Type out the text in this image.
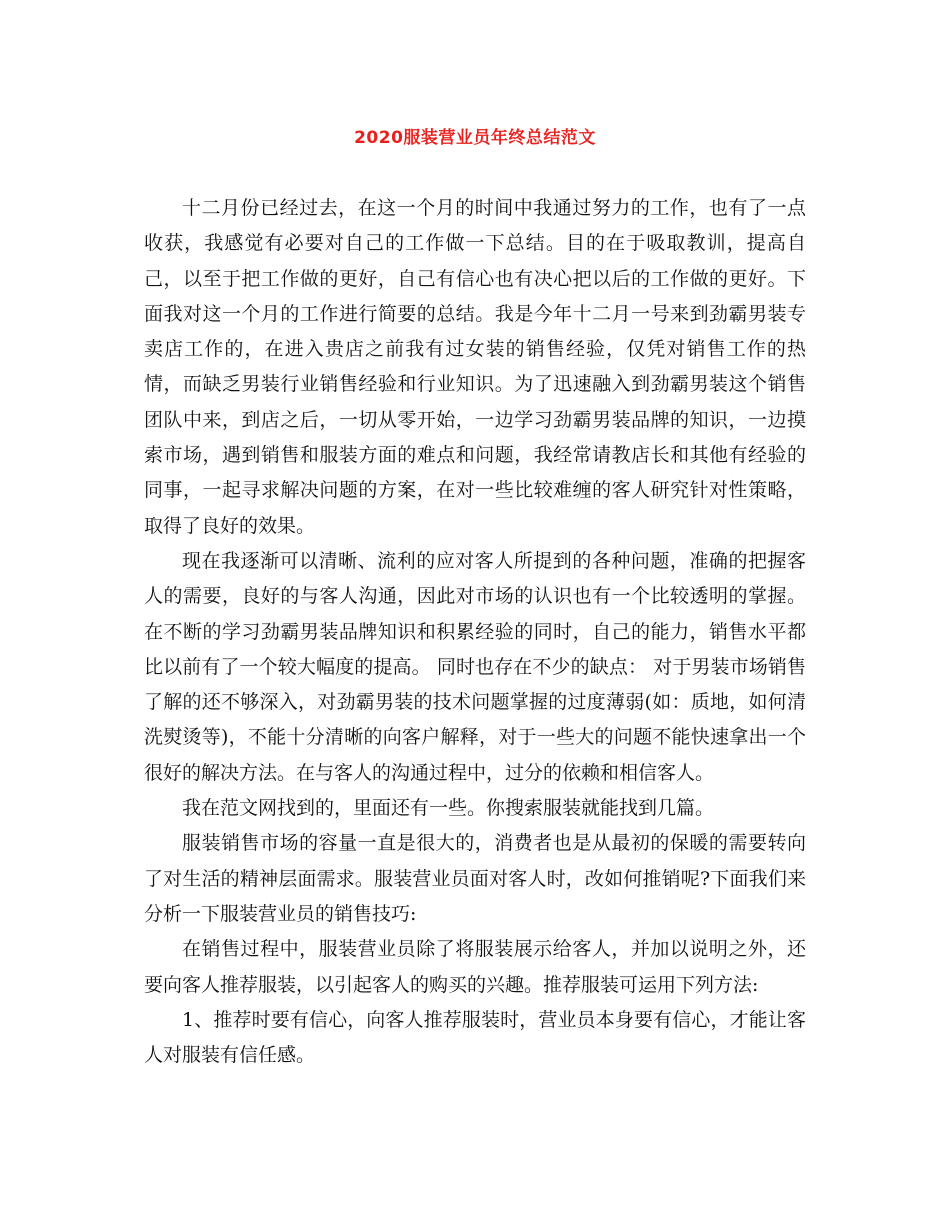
2020服装营业员年终总结范文

十二月份已经过去，在这一个月的时间中我通过努力的工作，也有了一点收获，我感觉有必要对自己的工作做一下总结。目的在于吸取教训，提高自己，以至于把工作做的更好，自己有信心也有决心把以后的工作做的更好。下面我对这一个月的工作进行简要的总结。我是今年十二月一号来到劲霸男装专卖店工作的，在进入贵店之前我有过女装的销售经验，仅凭对销售工作的热情，而缺乏男装行业销售经验和行业知识。为了迅速融入到劲霸男装这个销售团队中来，到店之后，一切从零开始，一边学习劲霸男装品牌的知识，一边摸索市场，遇到销售和服装方面的难点和问题，我经常请教店长和其他有经验的同事，一起寻求解决问题的方案，在对一些比较难缠的客人研究针对性策略，取得了良好的效果。

现在我逐渐可以清晰、流利的应对客人所提到的各种问题，准确的把握客人的需要，良好的与客人沟通，因此对市场的认识也有一个比较透明的掌握。在不断的学习劲霸男装品牌知识和积累经验的同时，自己的能力，销售水平都比以前有了一个较大幅度的提高。 同时也存在不少的缺点： 对于男装市场销售了解的还不够深入，对劲霸男装的技术问题掌握的过度薄弱(如：质地，如何清洗熨烫等)，不能十分清晰的向客户解释，对于一些大的问题不能快速拿出一个很好的解决方法。在与客人的沟通过程中，过分的依赖和相信客人。

我在范文网找到的，里面还有一些。你搜索服装就能找到几篇。

服装销售市场的容量一直是很大的，消费者也是从最初的保暖的需要转向了对生活的精神层面需求。服装营业员面对客人时，改如何推销呢?下面我们来分析一下服装营业员的销售技巧:

在销售过程中，服装营业员除了将服装展示给客人，并加以说明之外，还要向客人推荐服装，以引起客人的购买的兴趣。推荐服装可运用下列方法:

1、推荐时要有信心，向客人推荐服装时，营业员本身要有信心，才能让客人对服装有信任感。
